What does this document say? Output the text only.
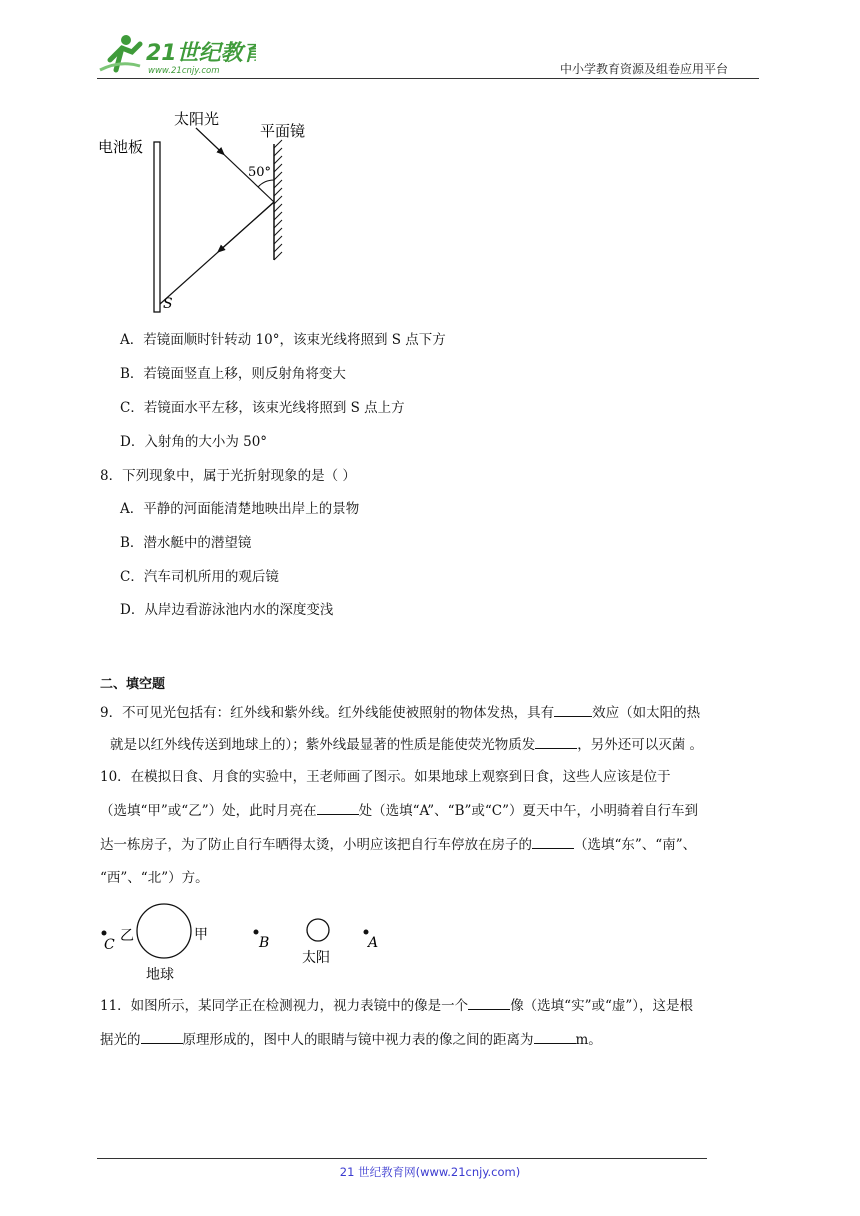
21世纪教育
www.21cnjy.com	中小学教育资源及组卷应用平台
电池板
太阳光
平面镜
50°
S
A．若镜面顺时针转动 10°，该束光线将照到 S 点下方
B．若镜面竖直上移，则反射角将变大
C．若镜面水平左移，该束光线将照到 S 点上方
D．入射角的大小为 50°
8．下列现象中，属于光折射现象的是（ ）
A．平静的河面能清楚地映出岸上的景物
B．潜水艇中的潜望镜
C．汽车司机所用的观后镜
D．从岸边看游泳池内水的深度变浅
二、填空题
9．不可见光包括有：红外线和紫外线。红外线能使被照射的物体发热，具有	效应（如太阳的热
就是以红外线传送到地球上的）；紫外线最显著的性质是能使荧光物质发	，另外还可以灭菌 。
10．在模拟日食、月食的实验中，王老师画了图示。如果地球上观察到日食，这些人应该是位于
（选填“甲”或“乙”）处，此时月亮在	处（选填“A”、“B”或“C”）夏天中午，小明骑着自行车到
达一栋房子，为了防止自行车晒得太烫，小明应该把自行车停放在房子的	（选填“东”、“南”、
“西”、“北”）方。
C
乙	甲
地球
B
太阳
A
11．如图所示，某同学正在检测视力，视力表镜中的像是一个	像（选填“实”或“虚”），这是根
据光的	原理形成的，图中人的眼睛与镜中视力表的像之间的距离为	m。
21 世纪教育网(www.21cnjy.com)
